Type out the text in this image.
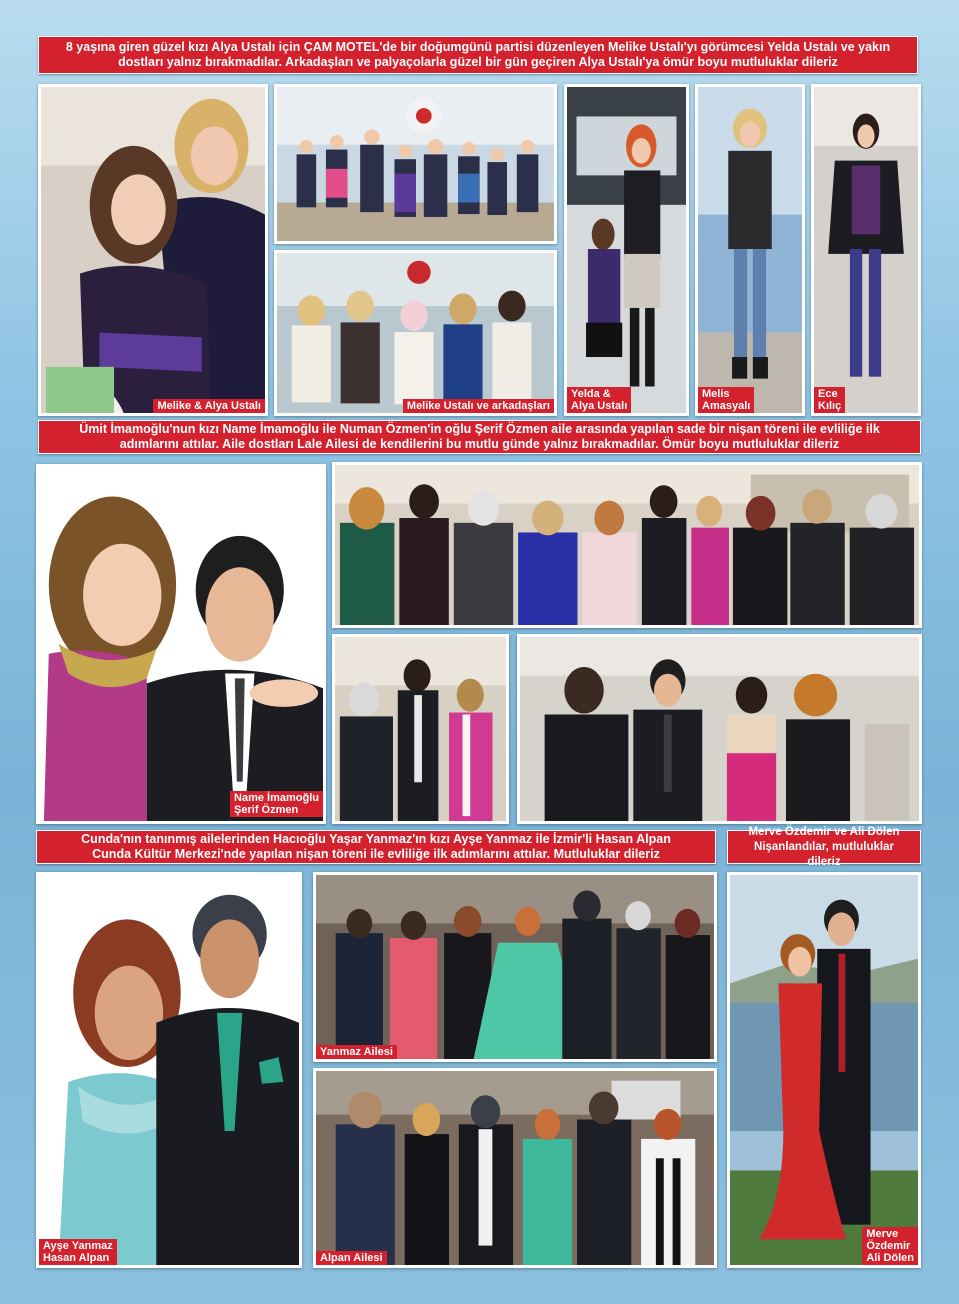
8 yaşına giren güzel kızı Alya Ustalı için ÇAM MOTEL'de bir doğumgünü partisi düzenleyen Melike Ustalı'yı görümcesi Yelda Ustalı ve yakın
dostları yalnız bırakmadılar. Arkadaşları ve palyaçolarla güzel bir gün geçiren Alya Ustalı'ya ömür boyu mutluluklar dileriz
Melike & Alya Ustalı	Melike Ustalı ve arkadaşları
Yelda &
Alya Ustalı
Melis
Amasyalı
Ece
Kılıç
Ümit İmamoğlu'nun kızı Name İmamoğlu ile Numan Özmen'in oğlu Şerif Özmen aile arasında yapılan sade bir nişan töreni ile evliliğe ilk
adımlarını attılar. Aile dostları Lale Ailesi de kendilerini bu mutlu günde yalnız bırakmadılar. Ömür boyu mutluluklar dileriz
Name İmamoğlu
Şerif Özmen
Cunda'nın tanınmış ailelerinden Hacıoğlu Yaşar Yanmaz'ın kızı Ayşe Yanmaz ile İzmir'li Hasan Alpan
Cunda Kültür Merkezi'nde yapılan nişan töreni ile evliliğe ilk adımlarını attılar. Mutluluklar dileriz
Merve Özdemir ve Ali Dölen
Nişanlandılar, mutluluklar dileriz
Ayşe Yanmaz
Hasan Alpan
Yanmaz Ailesi
Alpan Ailesi
Merve
Özdemir
Ali Dölen
